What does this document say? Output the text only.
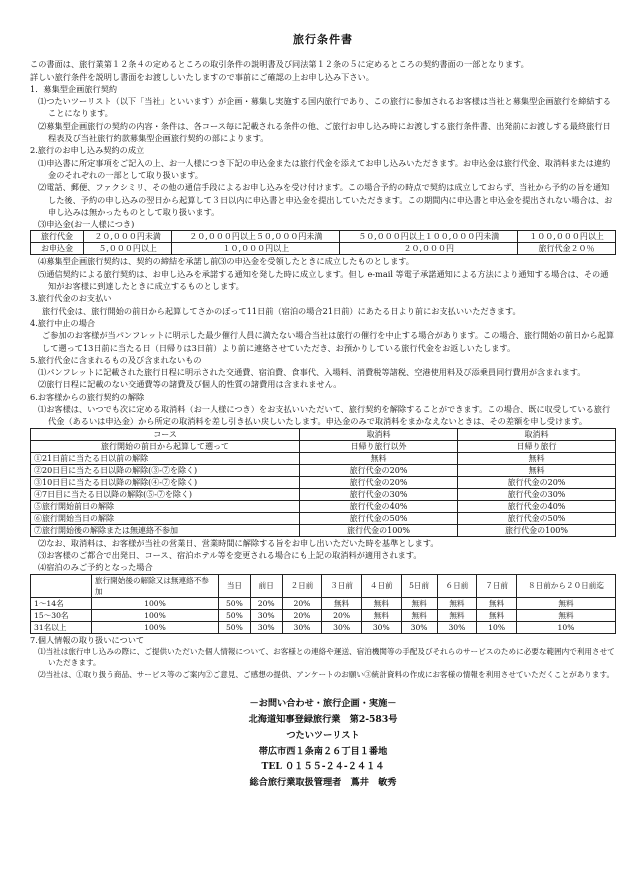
旅行条件書

この書面は、旅行業第１２条４の定めるところの取引条件の説明書及び同法第１２条の５に定めるところの契約書面の一部となります。

詳しい旅行条件を説明し書面をお渡ししいたしますので事前にご確認の上お申し込み下さい。

1．募集型企画旅行契約

⑴つたいツーリスト（以下「当社」といいます）が企画・募集し実施する国内旅行であり、この旅行に参加されるお客様は当社と募集型企画旅行を締結することになります。

⑵募集型企画旅行の契約の内容・条件は、各コース毎に記載される条件の他、ご旅行お申し込み時にお渡しする旅行条件書、出発前にお渡しする最終旅行日程表及び当社旅行約款募集型企画旅行契約の部によります。

2.旅行のお申し込み契約の成立

⑴申込書に所定事項をご記入の上、お一人様につき下記の申込金または旅行代金を添えてお申し込みいただきます。お申込金は旅行代金、取消料または違約金のそれぞれの一部として取り扱います。

⑵電話、郵便、ファクシミリ、その他の通信手段によるお申し込みを受け付けます。この場合予約の時点で契約は成立しておらず、当社から予約の旨を通知した後、予約の申し込みの翌日から起算して３日以内に申込書と申込金を提出していただきます。この期間内に申込書と申込金を提出されない場合は、お申し込みは無かったものとして取り扱います。

⑶申込金(お一人様につき)

旅行代金	２０,０００円未満	２０,０００円以上５０,０００円未満	５０,０００円以上１００,０００円未満	１００,０００円以上
お申込金	５,０００円以上	１０,０００円以上	２０,０００円	旅行代金２０％

⑷募集型企画旅行契約は、契約の締結を承諾し前⑶の申込金を受領したときに成立したものとします。

⑸通信契約による旅行契約は、お申し込みを承諾する通知を発した時に成立します。但し e-mail 等電子承諾通知による方法により通知する場合は、その通知がお客様に到達したときに成立するものとします。

3.旅行代金のお支払い

旅行代金は、旅行開始の前日から起算してさかのぼって11日前（宿泊の場合21日前）にあたる日より前にお支払いいただきます。

4.旅行中止の場合

ご参加のお客様が当パンフレットに明示した最少催行人員に満たない場合当社は旅行の催行を中止する場合があります。この場合、旅行開始の前日から起算して遡って13日前に当たる日（日帰りは3日前）より前に連絡させていただき、お預かりしている旅行代金をお返しいたします。

5.旅行代金に含まれるもの及び含まれないもの

⑴パンフレットに記載された旅行日程に明示された交通費、宿泊費、食事代、入場料、消費税等諸税、空港使用料及び添乗員同行費用が含まれます。

⑵旅行日程に記載のない交通費等の諸費及び個人的性質の諸費用は含まれません。

6.お客様からの旅行契約の解除

⑴お客様は、いつでも次に定める取消料（お一人様につき）をお支払いいただいて、旅行契約を解除することができます。この場合、既に収受している旅行代金（あるいは申込金）から所定の取消料を差し引き払い戻しいたします。申込金のみで取消料をまかなえないときは、その差額を申し受けます。

コース	取消料	取消料
旅行開始の前日から起算して遡って	日帰り旅行以外	日帰り旅行
①21日前に当たる日以前の解除	無料	無料
②20日目に当たる日以降の解除(③-⑦を除く)	旅行代金の20%	無料
③10日目に当たる日以降の解除(④-⑦を除く)	旅行代金の20%	旅行代金の20%
④7日目に当たる日以降の解除(⑤-⑦を除く)	旅行代金の30%	旅行代金の30%
⑤旅行開始前日の解除	旅行代金の40%	旅行代金の40%
⑥旅行開始当日の解除	旅行代金の50%	旅行代金の50%
⑦旅行開始後の解除または無連絡不参加	旅行代金の100%	旅行代金の100%

⑵なお、取消料は、お客様が当社の営業日、営業時間に解除する旨をお申し出いただいた時を基準とします。

⑶お客様のご都合で出発日、コース、宿泊ホテル等を変更される場合にも上記の取消料が適用されます。

⑷宿泊のみご予約となった場合

	旅行開始後の解除又は無連絡不参加	当日	前日	２日前	３日前	４日前	5日前	６日前	７日前	８日前から２０日前迄
1～14名	100%	50%	20%	20%	無料	無料	無料	無料	無料	無料
15～30名	100%	50%	30%	20%	20%	無料	無料	無料	無料	無料
31名以上	100%	50%	30%	30%	30%	30%	30%	30%	10%	10%

7.個人情報の取り扱いについて

⑴当社は旅行申し込みの際に、ご提供いただいた個人情報について、お客様との連絡や運送、宿泊機関等の手配及びそれらのサービスのために必要な範囲内で利用させていただきます。

⑵当社は、①取り扱う商品、サービス等のご案内②ご意見、ご感想の提供、アンケートのお願い③統計資料の作成にお客様の情報を利用させていただくことがあります。

－お問い合わせ・旅行企画・実施－
北海道知事登録旅行業　第2-583号
つたいツーリスト
帯広市西１条南２６丁目１番地
TEL ０１５５-２４-２４１４
総合旅行業取扱管理者　蔦井　敏秀
